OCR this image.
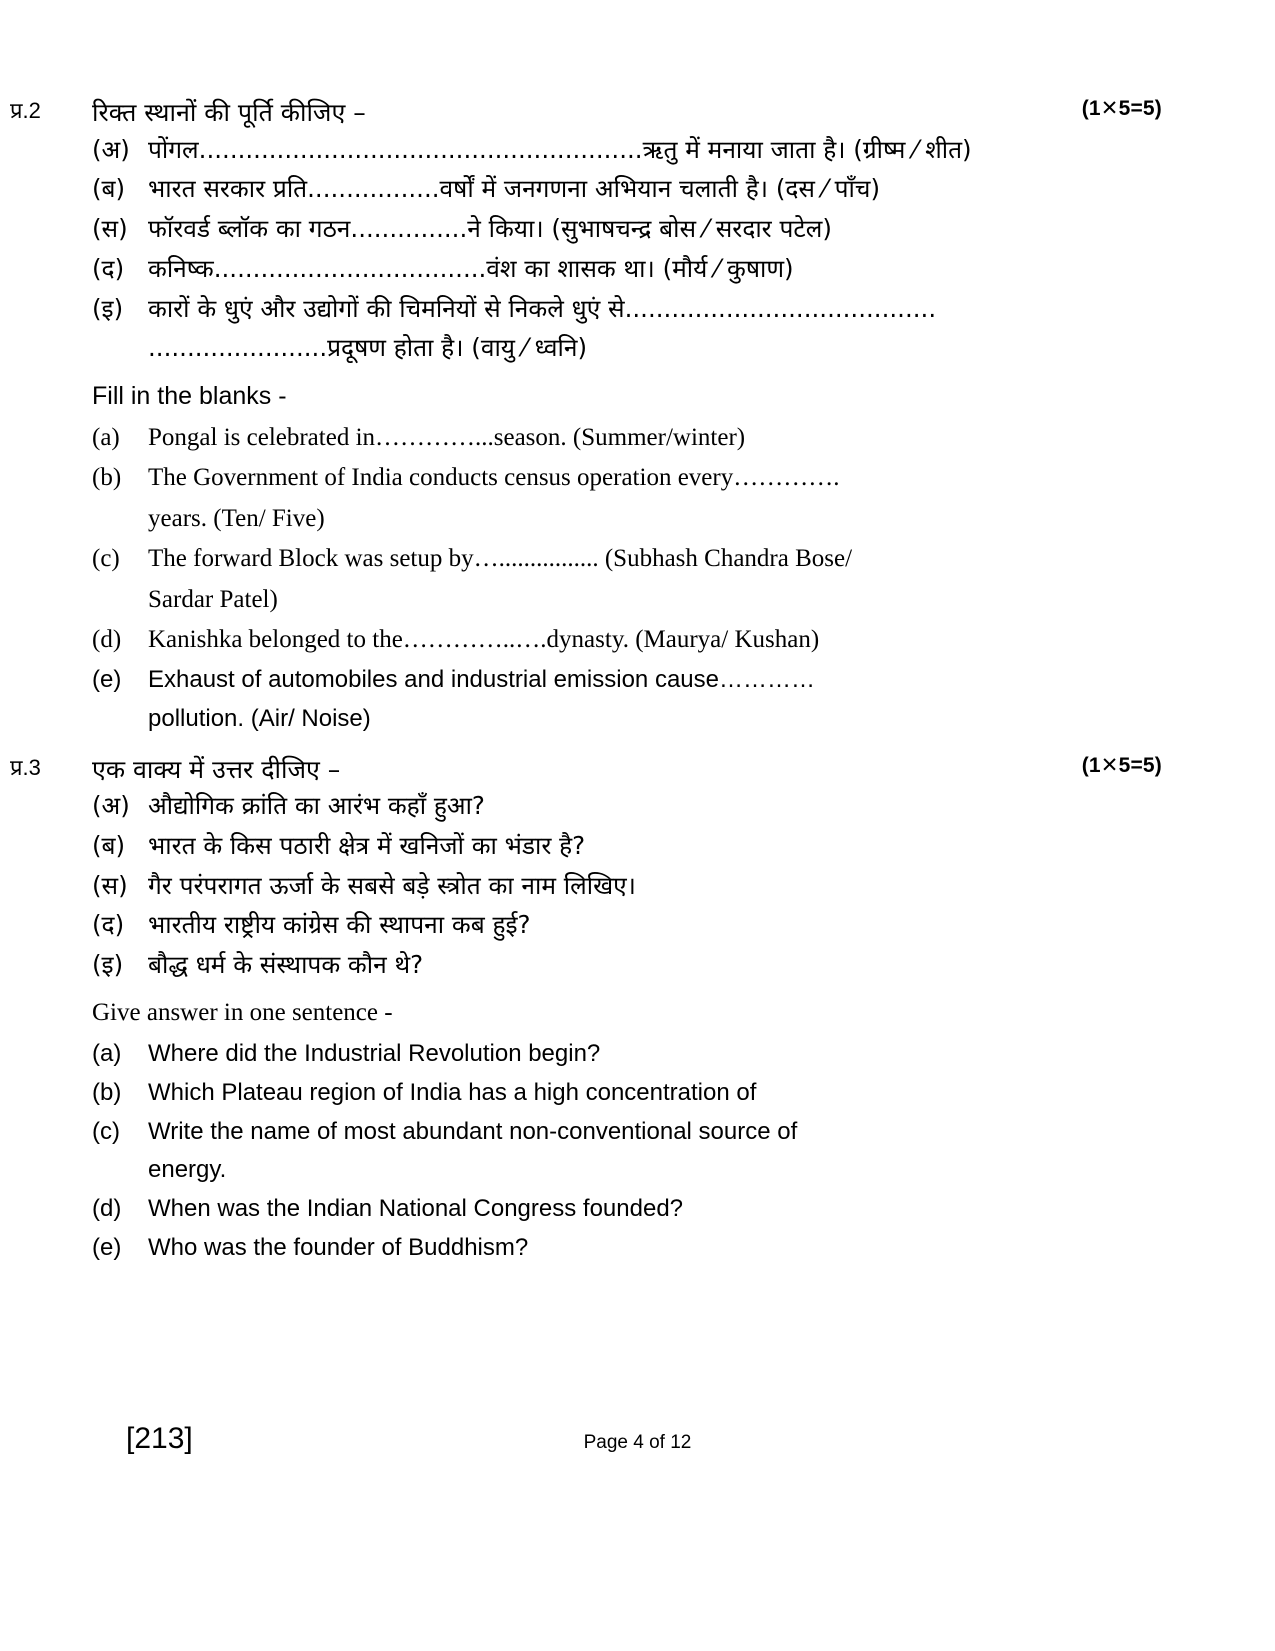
प्र.2	रिक्त स्थानों की पूर्ति कीजिए –	(1✕5=5)
(अ) पोंगल.........................................................ऋतु में मनाया जाता है। (ग्रीष्म ⁄ शीत)
(ब) भारत सरकार प्रति.................वर्षों में जनगणना अभियान चलाती है। (दस ⁄ पाँच)
(स) फॉरवर्ड ब्लॉक का गठन...............ने किया। (सुभाषचन्द्र बोस ⁄ सरदार पटेल)
(द) कनिष्क...................................वंश का शासक था। (मौर्य ⁄ कुषाण)
(इ)	कारों के धुएं और उद्योगों की चिमनियों से निकले धुएं से........................................
.......................प्रदूषण होता है। (वायु ⁄ ध्वनि)
Fill in the blanks -
(a)	Pongal is celebrated in…………...season. (Summer/winter)
(b)	The Government of India conducts census operation every………….
years. (Ten/ Five)
(c)	The forward Block was setup by…................ (Subhash Chandra Bose/
Sardar Patel)
(d)	Kanishka belonged to the…………..….dynasty. (Maurya/ Kushan)
(e)	Exhaust of automobiles and industrial emission cause…………
pollution. (Air/ Noise)
प्र.3	एक वाक्य में उत्तर दीजिए –	(1✕5=5)
(अ) औद्योगिक क्रांति का आरंभ कहाँ हुआ?
(ब) भारत के किस पठारी क्षेत्र में खनिजों का भंडार है?
(स) गैर परंपरागत ऊर्जा के सबसे बड़े स्त्रोत का नाम लिखिए।
(द) भारतीय राष्ट्रीय कांग्रेस की स्थापना कब हुई?
(इ)	बौद्ध धर्म के संस्थापक कौन थे?
Give answer in one sentence -
(a)	Where did the Industrial Revolution begin?
(b)	Which Plateau region of India has a high concentration of
(c)	Write the name of most abundant non-conventional source of
energy.
(d)	When was the Indian National Congress founded?
(e)	Who was the founder of Buddhism?
[213]	Page 4 of 12
